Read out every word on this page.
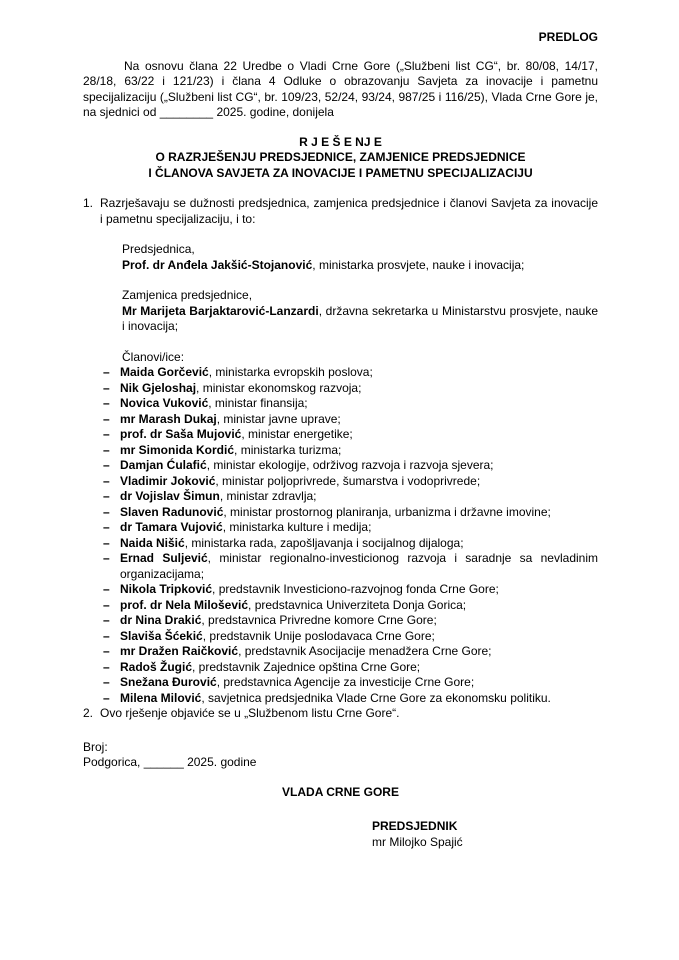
PREDLOG

Na osnovu člana 22 Uredbe o Vladi Crne Gore („Službeni list CG“, br. 80/08, 14/17, 28/18, 63/22 i 121/23) i člana 4 Odluke o obrazovanju Savjeta za inovacije i pametnu specijalizaciju („Službeni list CG“, br. 109/23, 52/24, 93/24, 987/25 i 116/25), Vlada Crne Gore je, na sjednici od ________ 2025. godine, donijela

R J E Š E NJ E
O RAZRJEŠENJU PREDSJEDNICE, ZAMJENICE PREDSJEDNICE
I ČLANOVA SAVJETA ZA INOVACIJE I PAMETNU SPECIJALIZACIJU
1. Razrješavaju se dužnosti predsjednica, zamjenica predsjednice i članovi Savjeta za inovacije i pametnu specijalizaciju, i to:

Predsjednica,

Prof. dr Anđela Jakšić-Stojanović, ministarka prosvjete, nauke i inovacija;

Zamjenica predsjednice,

Mr Marijeta Barjaktarović-Lanzardi, državna sekretarka u Ministarstvu prosvjete, nauke i inovacija;

Članovi/ice:
– Maida Gorčević, ministarka evropskih poslova;
– Nik Gjeloshaj, ministar ekonomskog razvoja;
– Novica Vuković, ministar finansija;
– mr Marash Dukaj, ministar javne uprave;
– prof. dr Saša Mujović, ministar energetike;
– mr Simonida Kordić, ministarka turizma;
– Damjan Ćulafić, ministar ekologije, održivog razvoja i razvoja sjevera;
– Vladimir Joković, ministar poljoprivrede, šumarstva i vodoprivrede;
– dr Vojislav Šimun, ministar zdravlja;
– Slaven Radunović, ministar prostornog planiranja, urbanizma i državne imovine;
– dr Tamara Vujović, ministarka kulture i medija;
– Naida Nišić, ministarka rada, zapošljavanja i socijalnog dijaloga;
– Ernad Suljević, ministar regionalno-investicionog razvoja i saradnje sa nevladinim organizacijama;
– Nikola Tripković, predstavnik Investiciono-razvojnog fonda Crne Gore;
– prof. dr Nela Milošević, predstavnica Univerziteta Donja Gorica;
– dr Nina Drakić, predstavnica Privredne komore Crne Gore;
– Slaviša Šćekić, predstavnik Unije poslodavaca Crne Gore;
– mr Dražen Raičković, predstavnik Asocijacije menadžera Crne Gore;
– Radoš Žugić, predstavnik Zajednice opština Crne Gore;
– Snežana Đurović, predstavnica Agencije za investicije Crne Gore;
– Milena Milović, savjetnica predsjednika Vlade Crne Gore za ekonomsku politiku.
2. Ovo rješenje objaviće se u „Službenom listu Crne Gore“.

Broj:
Podgorica, ______ 2025. godine
VLADA CRNE GORE
PREDSJEDNIK
mr Milojko Spajić
